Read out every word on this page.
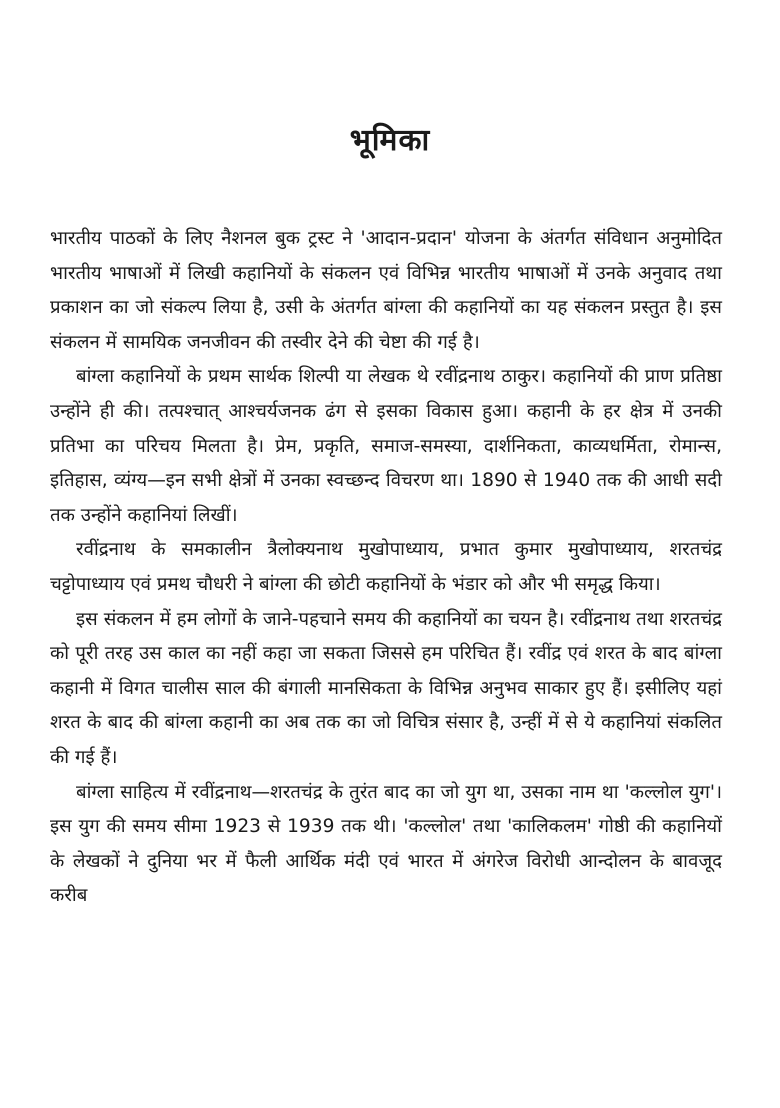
भूमिका

भारतीय पाठकों के लिए नैशनल बुक ट्रस्ट ने 'आदान-प्रदान' योजना के अंतर्गत संविधान अनुमोदित भारतीय भाषाओं में लिखी कहानियों के संकलन एवं विभिन्न भारतीय भाषाओं में उनके अनुवाद तथा प्रकाशन का जो संकल्प लिया है, उसी के अंतर्गत बांग्ला की कहानियों का यह संकलन प्रस्तुत है। इस संकलन में सामयिक जनजीवन की तस्वीर देने की चेष्टा की गई है।

बांग्ला कहानियों के प्रथम सार्थक शिल्पी या लेखक थे रवींद्रनाथ ठाकुर। कहानियों की प्राण प्रतिष्ठा उन्होंने ही की। तत्पश्चात् आश्चर्यजनक ढंग से इसका विकास हुआ। कहानी के हर क्षेत्र में उनकी प्रतिभा का परिचय मिलता है। प्रेम, प्रकृति, समाज-समस्या, दार्शनिकता, काव्यधर्मिता, रोमान्स, इतिहास, व्यंग्य—इन सभी क्षेत्रों में उनका स्वच्छन्द विचरण था। 1890 से 1940 तक की आधी सदी तक उन्होंने कहानियां लिखीं।

रवींद्रनाथ के समकालीन त्रैलोक्यनाथ मुखोपाध्याय, प्रभात कुमार मुखोपाध्याय, शरतचंद्र चट्टोपाध्याय एवं प्रमथ चौधरी ने बांग्ला की छोटी कहानियों के भंडार को और भी समृद्ध किया।

इस संकलन में हम लोगों के जाने-पहचाने समय की कहानियों का चयन है। रवींद्रनाथ तथा शरतचंद्र को पूरी तरह उस काल का नहीं कहा जा सकता जिससे हम परिचित हैं। रवींद्र एवं शरत के बाद बांग्ला कहानी में विगत चालीस साल की बंगाली मानसिकता के विभिन्न अनुभव साकार हुए हैं। इसीलिए यहां शरत के बाद की बांग्ला कहानी का अब तक का जो विचित्र संसार है, उन्हीं में से ये कहानियां संकलित की गई हैं।

बांग्ला साहित्य में रवींद्रनाथ—शरतचंद्र के तुरंत बाद का जो युग था, उसका नाम था 'कल्लोल युग'। इस युग की समय सीमा 1923 से 1939 तक थी। 'कल्लोल' तथा 'कालिकलम' गोष्ठी की कहानियों के लेखकों ने दुनिया भर में फैली आर्थिक मंदी एवं भारत में अंगरेज विरोधी आन्दोलन के बावजूद करीब
